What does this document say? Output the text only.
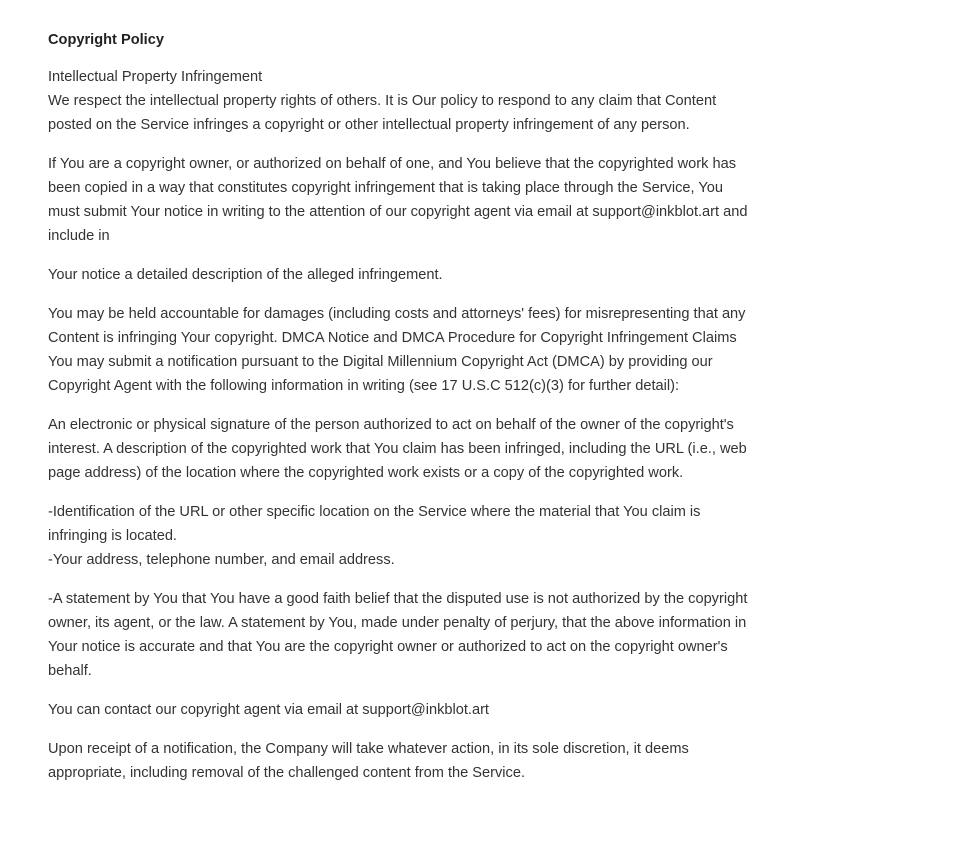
Copyright Policy

Intellectual Property Infringement
We respect the intellectual property rights of others. It is Our policy to respond to any claim that Content posted on the Service infringes a copyright or other intellectual property infringement of any person.

If You are a copyright owner, or authorized on behalf of one, and You believe that the copyrighted work has been copied in a way that constitutes copyright infringement that is taking place through the Service, You must submit Your notice in writing to the attention of our copyright agent via email at support@inkblot.art and include in

Your notice a detailed description of the alleged infringement.

You may be held accountable for damages (including costs and attorneys' fees) for misrepresenting that any Content is infringing Your copyright. DMCA Notice and DMCA Procedure for Copyright Infringement Claims You may submit a notification pursuant to the Digital Millennium Copyright Act (DMCA) by providing our Copyright Agent with the following information in writing (see 17 U.S.C 512(c)(3) for further detail):

An electronic or physical signature of the person authorized to act on behalf of the owner of the copyright's interest. A description of the copyrighted work that You claim has been infringed, including the URL (i.e., web page address) of the location where the copyrighted work exists or a copy of the copyrighted work.

-Identification of the URL or other specific location on the Service where the material that You claim is infringing is located.
-Your address, telephone number, and email address.

-A statement by You that You have a good faith belief that the disputed use is not authorized by the copyright owner, its agent, or the law. A statement by You, made under penalty of perjury, that the above information in Your notice is accurate and that You are the copyright owner or authorized to act on the copyright owner's behalf.

You can contact our copyright agent via email at support@inkblot.art

Upon receipt of a notification, the Company will take whatever action, in its sole discretion, it deems appropriate, including removal of the challenged content from the Service.
